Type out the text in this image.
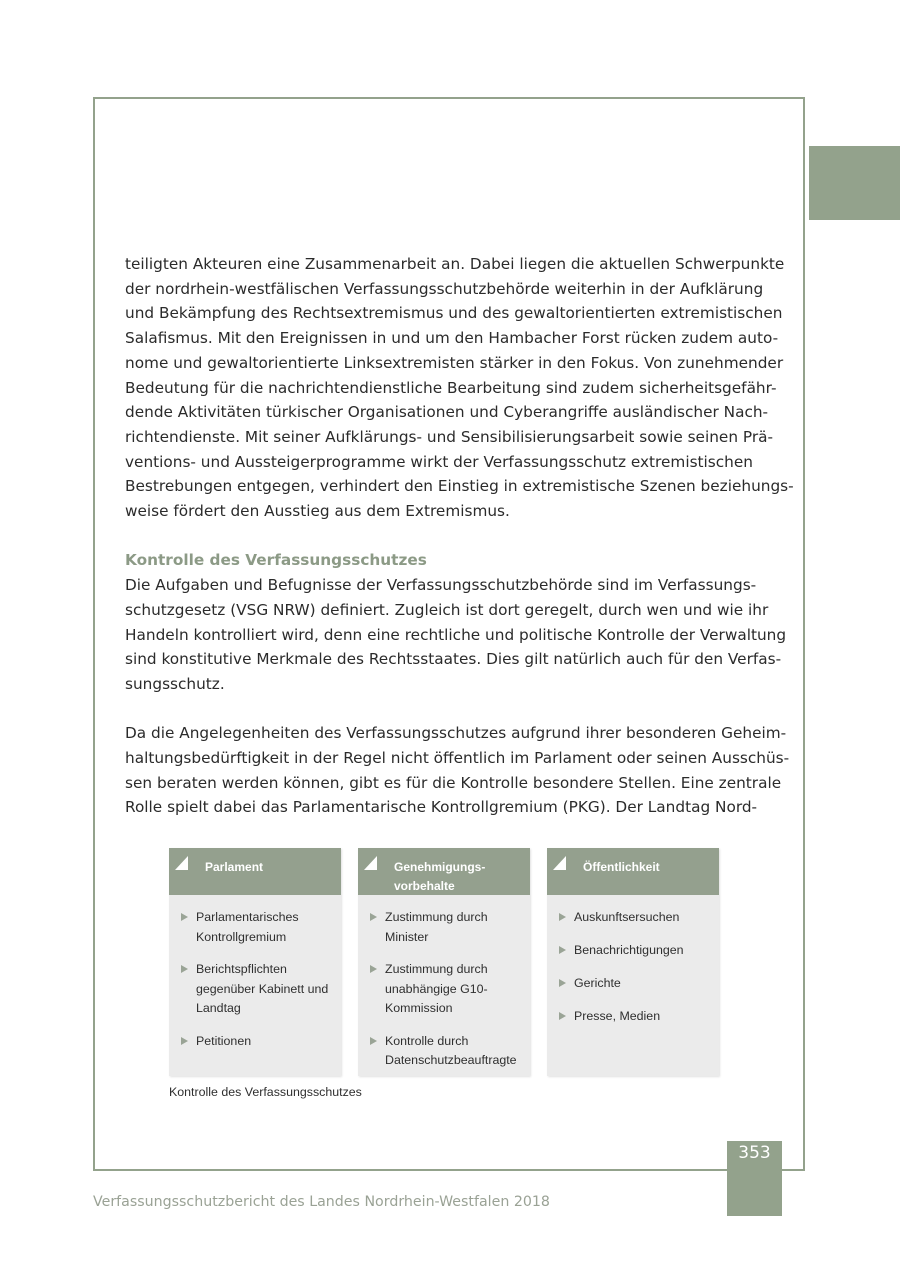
teiligten Akteuren eine Zusammenarbeit an. Dabei liegen die aktuellen Schwerpunkte

der nordrhein-westfälischen Verfassungsschutzbehörde weiterhin in der Aufklärung

und Bekämpfung des Rechtsextremismus und des gewaltorientierten extremistischen

Salafismus. Mit den Ereignissen in und um den Hambacher Forst rücken zudem auto-

nome und gewaltorientierte Linksextremisten stärker in den Fokus. Von zunehmender

Bedeutung für die nachrichtendienstliche Bearbeitung sind zudem sicherheitsgefähr-

dende Aktivitäten türkischer Organisationen und Cyberangriffe ausländischer Nach-

richtendienste. Mit seiner Aufklärungs- und Sensibilisierungsarbeit sowie seinen Prä-

ventions- und Aussteigerprogramme wirkt der Verfassungsschutz extremistischen

Bestrebungen entgegen, verhindert den Einstieg in extremistische Szenen beziehungs-

weise fördert den Ausstieg aus dem Extremismus.

Kontrolle des Verfassungsschutzes

Die Aufgaben und Befugnisse der Verfassungsschutzbehörde sind im Verfassungs-

schutzgesetz (VSG NRW) definiert. Zugleich ist dort geregelt, durch wen und wie ihr

Handeln kontrolliert wird, denn eine rechtliche und politische Kontrolle der Verwaltung

sind konstitutive Merkmale des Rechtsstaates. Dies gilt natürlich auch für den Verfas-

sungsschutz.

Da die Angelegenheiten des Verfassungsschutzes aufgrund ihrer besonderen Geheim-

haltungsbedürftigkeit in der Regel nicht öffentlich im Parlament oder seinen Ausschüs-

sen beraten werden können, gibt es für die Kontrolle besondere Stellen. Eine zentrale

Rolle spielt dabei das Parlamentarische Kontrollgremium (PKG). Der Landtag Nord-

Parlament
Parlamentarisches
Kontrollgremium
Berichtspflichten
gegenüber Kabinett und
Landtag
Petitionen
Genehmigungs-
vorbehalte
Zustimmung durch
Minister
Zustimmung durch
unabhängige G10-
Kommission
Kontrolle durch
Datenschutzbeauftragte
Öffentlichkeit
Auskunftsersuchen
Benachrichtigungen
Gerichte
Presse, Medien
Kontrolle des Verfassungsschutzes
353
Verfassungsschutzbericht des Landes Nordrhein-Westfalen 2018
